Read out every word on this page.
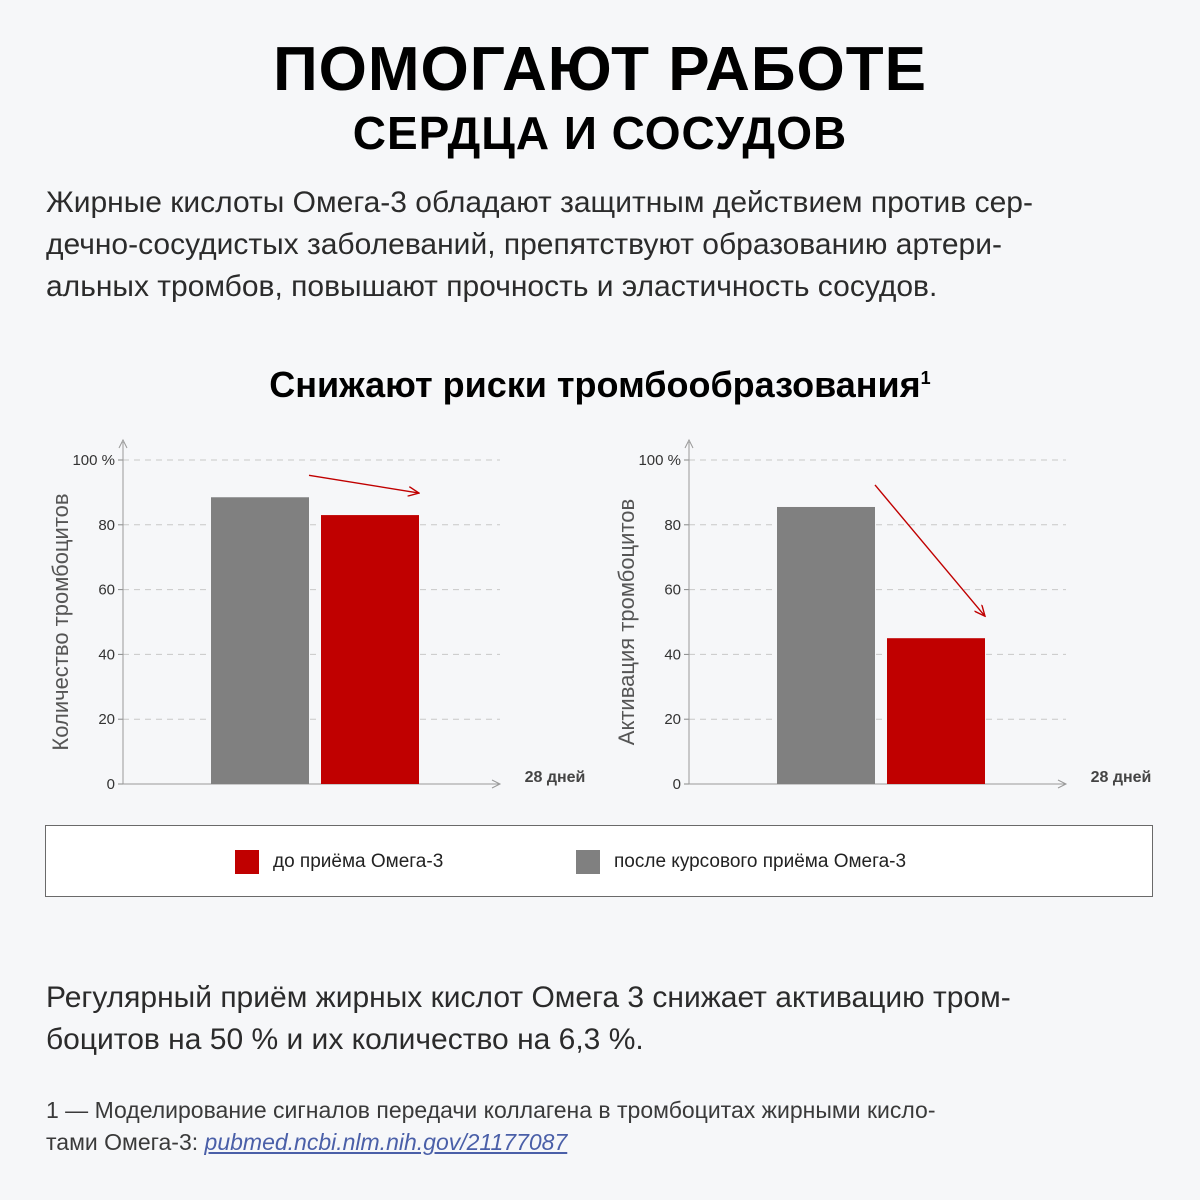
ПОМОГАЮТ РАБОТЕ
СЕРДЦА И СОСУДОВ
Жирные кислоты Омега-3 обладают защитным действием против сер-
дечно-сосудистых заболеваний, препятствуют образованию артери-
альных тромбов, повышают прочность и эластичность сосудов.
Снижают риски тромбообразования$^1$
0
20
40
60
80
100 %
28 дней
Количество тромбоцитов
0
20
40
60
80
100 %
28 дней
Активация тромбоцитов
до приёма Омега-3	после курсового приёма Омега-3
Регулярный приём жирных кислот Омега 3 снижает активацию тром-
боцитов на 50 % и их количество на 6,3 %.
1 — Моделирование сигналов передачи коллагена в тромбоцитах жирными кисло-
тами Омега-3: pubmed.ncbi.nlm.nih.gov/21177087
